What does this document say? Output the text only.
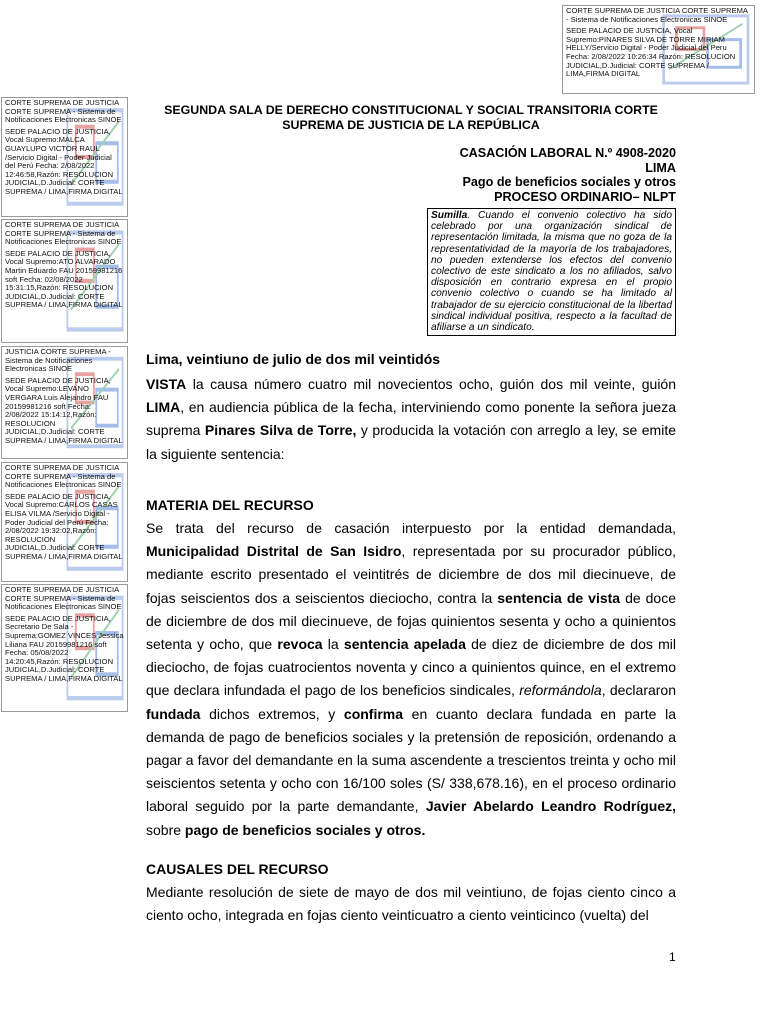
CORTE SUPREMA DE JUSTICIA CORTE SUPREMA - Sistema de Notificaciones Electronicas SINOE
SEDE PALACIO DE JUSTICIA, Vocal Supremo:PINARES SILVA DE TORRE MIRIAM HELLY/Servicio Digital - Poder Judicial del Peru Fecha: 2/08/2022 10:26:34 Razón: RESOLUCION JUDICIAL,D.Judicial: CORTE SUPREMA / LIMA,FIRMA DIGITAL
CORTE SUPREMA DE JUSTICIA CORTE SUPREMA - Sistema de Notificaciones Electronicas SINOE
SEDE PALACIO DE JUSTICIA, Vocal Supremo:MALCA GUAYLUPO VICTOR RAUL /Servicio Digital - Poder Judicial del Perú Fecha: 2/08/2022 12:46:58,Razón: RESOLUCION JUDICIAL,D.Judicial: CORTE SUPREMA / LIMA,FIRMA DIGITAL
CORTE SUPREMA DE JUSTICIA CORTE SUPREMA - Sistema de Notificaciones Electronicas SINOE
SEDE PALACIO DE JUSTICIA, Vocal Supremo:ATO ALVARADO Martin Eduardo FAU 20159981216 soft Fecha: 02/08/2022 15:31:15,Razón: RESOLUCION JUDICIAL,D.Judicial: CORTE SUPREMA / LIMA,FIRMA DIGITAL
JUSTICIA CORTE SUPREMA - Sistema de Notificaciones Electronicas SINOE
SEDE PALACIO DE JUSTICIA, Vocal Supremo:LEVANO VERGARA Luis Alejandro FAU 20159981216 soft Fecha: 2/08/2022 15:14:12,Razón: RESOLUCION JUDICIAL,D.Judicial: CORTE SUPREMA / LIMA,FIRMA DIGITAL
CORTE SUPREMA DE JUSTICIA CORTE SUPREMA - Sistema de Notificaciones Electronicas SINOE
SEDE PALACIO DE JUSTICIA, Vocal Supremo:CARLOS CASAS ELISA VILMA /Servicio Digital - Poder Judicial del Perú Fecha: 2/08/2022 19:32:02,Razón: RESOLUCION JUDICIAL,D.Judicial: CORTE SUPREMA / LIMA,FIRMA DIGITAL
CORTE SUPREMA DE JUSTICIA CORTE SUPREMA - Sistema de Notificaciones Electronicas SINOE
SEDE PALACIO DE JUSTICIA, Secretario De Sala - Suprema:GOMEZ VINCES Jessica Liliana FAU 20159981216 soft Fecha: 05/08/2022 14:20:45,Razón: RESOLUCION JUDICIAL,D.Judicial: CORTE SUPREMA / LIMA,FIRMA DIGITAL
SEGUNDA SALA DE DERECHO CONSTITUCIONAL Y SOCIAL TRANSITORIA CORTE SUPREMA DE JUSTICIA DE LA REPÚBLICA
CASACIÓN LABORAL N.º 4908-2020
LIMA
Pago de beneficios sociales y otros
PROCESO ORDINARIO– NLPT
Sumilla. Cuando el convenio colectivo ha sido celebrado por una organización sindical de representación limitada, la misma que no goza de la representatividad de la mayoría de los trabajadores, no pueden extenderse los efectos del convenio colectivo de este sindicato a los no afiliados, salvo disposición en contrario expresa en el propio convenio colectivo o cuando se ha limitado al trabajador de su ejercicio constitucional de la libertad sindical individual positiva, respecto a la facultad de afiliarse a un sindicato.
Lima, veintiuno de julio de dos mil veintidós

VISTA la causa número cuatro mil novecientos ocho, guión dos mil veinte, guión LIMA, en audiencia pública de la fecha, interviniendo como ponente la señora jueza suprema Pinares Silva de Torre, y producida la votación con arreglo a ley, se emite la siguiente sentencia:

MATERIA DEL RECURSO

Se trata del recurso de casación interpuesto por la entidad demandada, Municipalidad Distrital de San Isidro, representada por su procurador público, mediante escrito presentado el veintitrés de diciembre de dos mil diecinueve, de fojas seiscientos dos a seiscientos dieciocho, contra la sentencia de vista de doce de diciembre de dos mil diecinueve, de fojas quinientos sesenta y ocho a quinientos setenta y ocho, que revoca la sentencia apelada de diez de diciembre de dos mil dieciocho, de fojas cuatrocientos noventa y cinco a quinientos quince, en el extremo que declara infundada el pago de los beneficios sindicales, reformándola, declararon fundada dichos extremos, y confirma en cuanto declara fundada en parte la demanda de pago de beneficios sociales y la pretensión de reposición, ordenando a pagar a favor del demandante en la suma ascendente a trescientos treinta y ocho mil seiscientos setenta y ocho con 16/100 soles (S/ 338,678.16), en el proceso ordinario laboral seguido por la parte demandante, Javier Abelardo Leandro Rodríguez, sobre pago de beneficios sociales y otros.

CAUSALES DEL RECURSO

Mediante resolución de siete de mayo de dos mil veintiuno, de fojas ciento cinco a ciento ocho, integrada en fojas ciento veinticuatro a ciento veinticinco (vuelta) del

1
